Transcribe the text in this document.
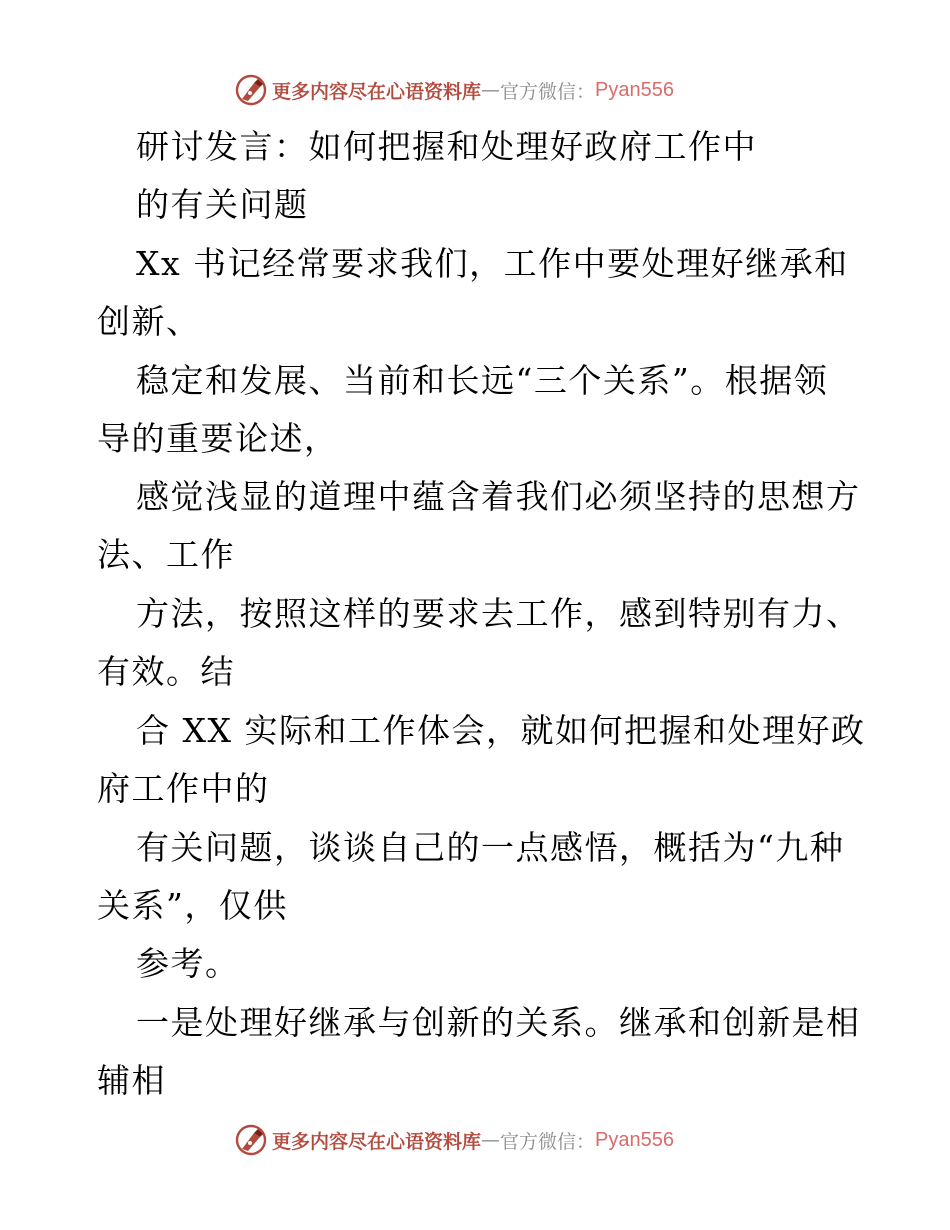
更多内容尽在心语资料库 — 官方微信： Pyan556
研讨发言：如何把握和处理好政府工作中
的有关问题
Xx 书记经常要求我们，工作中要处理好继承和
创新、
稳定和发展、当前和长远“三个关系”。根据领
导的重要论述，
感觉浅显的道理中蕴含着我们必须坚持的思想方
法、工作
方法，按照这样的要求去工作，感到特别有力、
有效。结
合 XX 实际和工作体会，就如何把握和处理好政
府工作中的
有关问题，谈谈自己的一点感悟，概括为“九种
关系”，仅供
参考。
一是处理好继承与创新的关系。继承和创新是相
辅相
更多内容尽在心语资料库 — 官方微信： Pyan556
